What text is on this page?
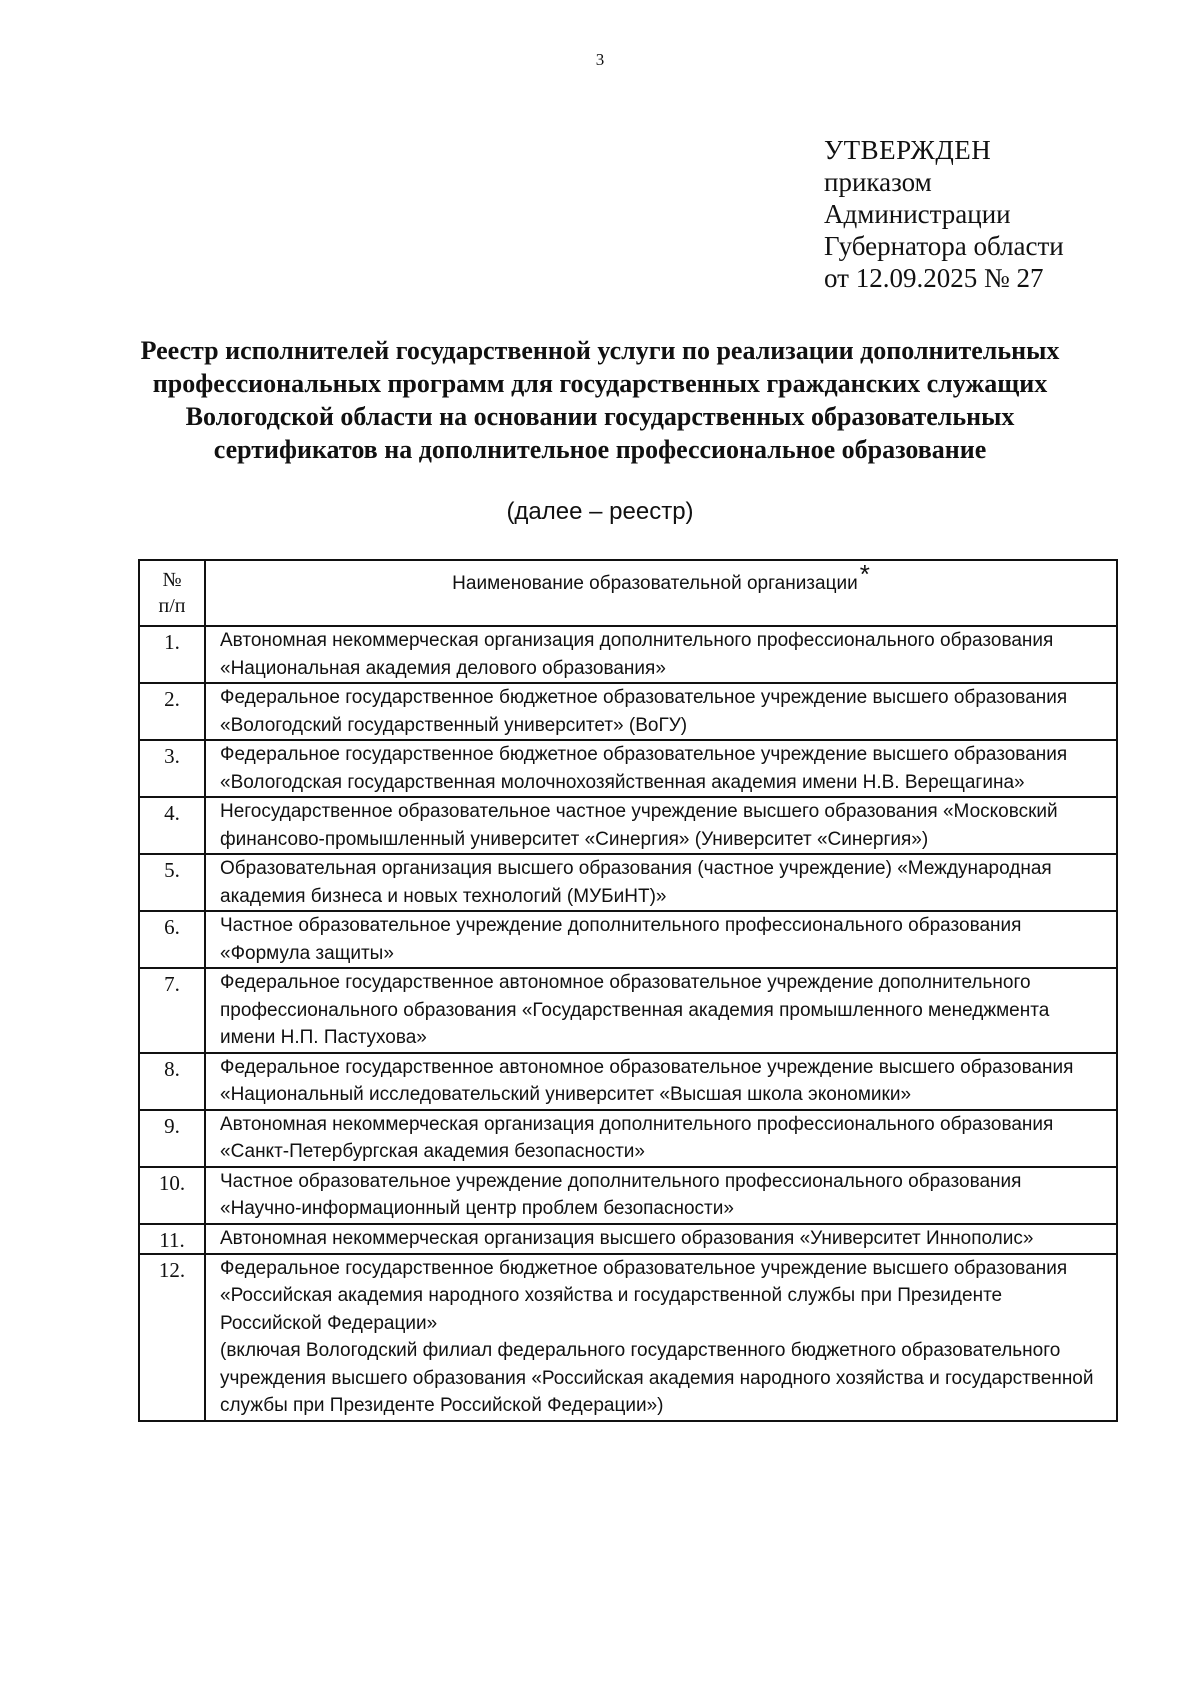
3
УТВЕРЖДЕН
приказом
Администрации
Губернатора области
от 12.09.2025 № 27
Реестр исполнителей государственной услуги по реализации дополнительных профессиональных программ для государственных гражданских служащих Вологодской области на основании государственных образовательных сертификатов на дополнительное профессиональное образование
(далее – реестр)
№
п/п	Наименование образовательной организации*
1.	Автономная некоммерческая организация дополнительного профессионального образования «Национальная академия делового образования»
2.	Федеральное государственное бюджетное образовательное учреждение высшего образования «Вологодский государственный университет» (ВоГУ)
3.	Федеральное государственное бюджетное образовательное учреждение высшего образования «Вологодская государственная молочнохозяйственная академия имени Н.В. Верещагина»
4.	Негосударственное образовательное частное учреждение высшего образования «Московский финансово-промышленный университет «Синергия» (Университет «Синергия»)
5.	Образовательная организация высшего образования (частное учреждение) «Международная академия бизнеса и новых технологий (МУБиНТ)»
6.	Частное образовательное учреждение дополнительного профессионального образования «Формула защиты»
7.	Федеральное государственное автономное образовательное учреждение дополнительного профессионального образования «Государственная академия промышленного менеджмента имени Н.П. Пастухова»
8.	Федеральное государственное автономное образовательное учреждение высшего образования «Национальный исследовательский университет «Высшая школа экономики»
9.	Автономная некоммерческая организация дополнительного профессионального образования «Санкт-Петербургская академия безопасности»
10.	Частное образовательное учреждение дополнительного профессионального образования «Научно-информационный центр проблем безопасности»
11.	Автономная некоммерческая организация высшего образования «Университет Иннополис»
12.	Федеральное государственное бюджетное образовательное учреждение высшего образования «Российская академия народного хозяйства и государственной службы при Президенте Российской Федерации»
(включая Вологодский филиал федерального государственного бюджетного образовательного учреждения высшего образования «Российская академия народного хозяйства и государственной службы при Президенте Российской Федерации»)
